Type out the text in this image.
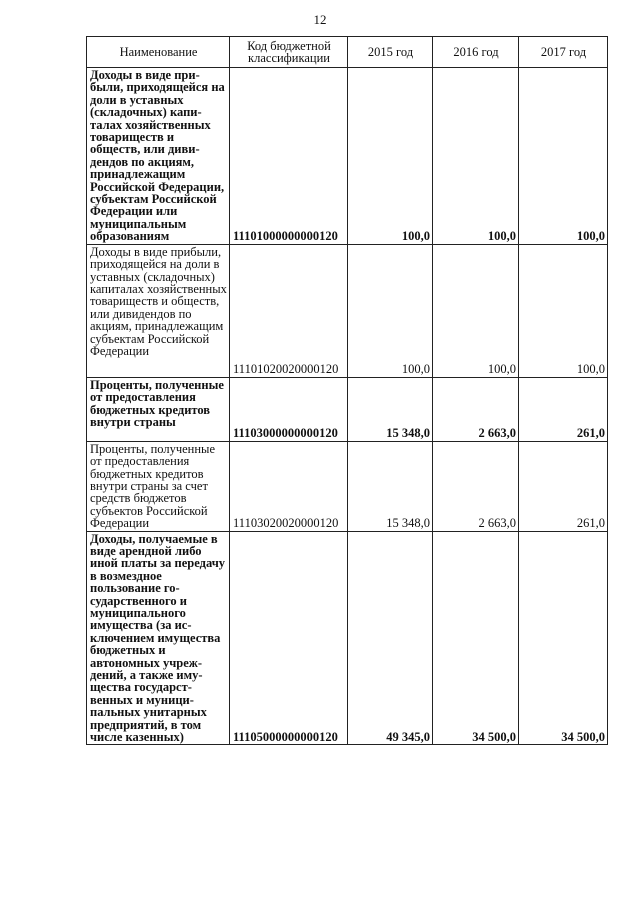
12
Наименование	Код бюджетной классификации	2015 год	2016 год	2017 год
Доходы в виде прибыли, приходящейся на доли в уставных (складочных) капиталах хозяйственных товариществ и обществ, или дивидендов по акциям, принадлежащим Российской Федерации, субъектам Российской Федерации или муниципальным образованиям	11101000000000120	100,0	100,0	100,0
Доходы в виде прибыли, приходящейся на доли в уставных (складочных) капиталах хозяйственных товариществ и обществ, или дивидендов по акциям, принадлежащим субъектам Российской Федерации	11101020020000120	100,0	100,0	100,0
Проценты, полученные от предоставления бюджетных кредитов внутри страны	11103000000000120	15 348,0	2 663,0	261,0
Проценты, полученные от предоставления бюджетных кредитов внутри страны за счет средств бюджетов субъектов Российской Федерации	11103020020000120	15 348,0	2 663,0	261,0
Доходы, получаемые в виде арендной либо иной платы за передачу в возмездное пользование государственного и муниципального имущества (за исключением имущества бюджетных и автономных учреждений, а также имущества государственных и муниципальных унитарных предприятий, в том числе казенных)	11105000000000120	49 345,0	34 500,0	34 500,0
